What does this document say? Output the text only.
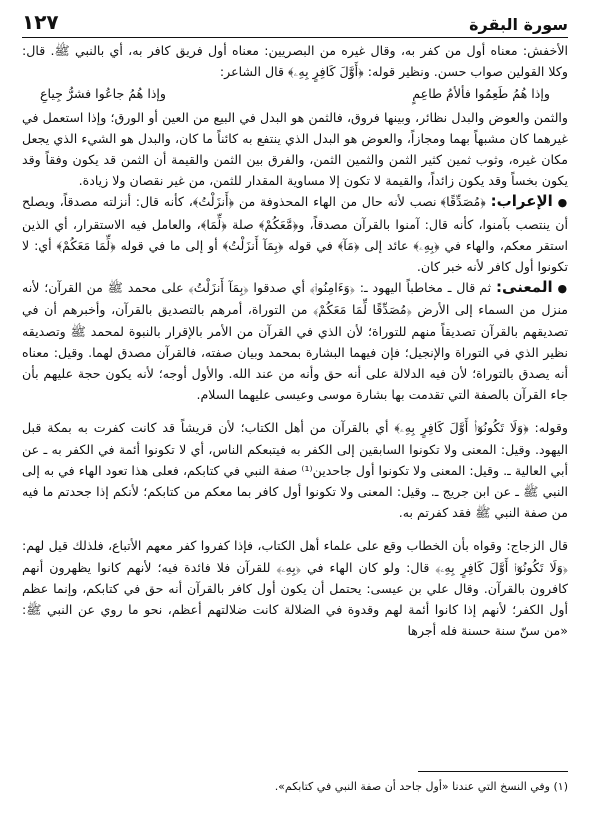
سورة البقرة
١٢٧

الأخفش: معناه أول من كفر به، وقال غيره من البصريين: معناه أول فريق كافر به، أي بالنبي ﷺ. قال: وكلا القولين صواب حسن. ونظير قوله: ﴿أَوَّلَ كَافِرٍ بِهِۦ﴾ قال الشاعر:

وإذا هُمُ طَعِمُوا فألأمُ طاعِمٍ
وإذا هُمُ جاعُوا فشرُّ جِياعِ

والثمن والعوض والبدل نظائر، وبينها فروق، فالثمن هو البدل في البيع من العين أو الورق؛ وإذا استعمل في غيرهما كان مشبهاً بهما ومجازاً، والعوض هو البدل الذي ينتفع به كائناً ما كان، والبدل هو الشيء الذي يجعل مكان غيره، وثوب ثمين كثير الثمن والثمين الثمن، والفرق بين الثمن والقيمة أن الثمن قد يكون وفقاً وقد يكون بخساً وقد يكون زائداً، والقيمة لا تكون إلا مساوية المقدار للثمن، من غير نقصان ولا زيادة.

● الإعراب: ﴿مُصَدِّقًا﴾ نصب لأنه حال من الهاء المحذوفة من ﴿أَنزَلْتُ﴾، كأنه قال: أنزلته مصدقاً، ويصلح أن ينتصب بآمنوا، كأنه قال: آمنوا بالقرآن مصدقاً، و﴿مَّعَكُمْ﴾ صلة ﴿لِّمَا﴾، والعامل فيه الاستقرار، أي الذين استقر معكم، والهاء في ﴿بِهِۦ﴾ عائد إلى ﴿مَآ﴾ في قوله ﴿بِمَآ أَنزَلْتُ﴾ أو إلى ما في قوله ﴿لِّمَا مَعَكُمْ﴾ أي: لا تكونوا أول كافر لأنه خبر كان.

● المعنى: ثم قال ـ مخاطباً اليهود ـ: ﴿وَءَامِنُوا۟﴾ أي صدقوا ﴿بِمَآ أَنزَلْتُ﴾ على محمد ﷺ من القرآن؛ لأنه منزل من السماء إلى الأرض ﴿مُصَدِّقًا لِّمَا مَعَكُمْ﴾ من التوراة، أمرهم بالتصديق بالقرآن، وأخبرهم أن في تصديقهم بالقرآن تصديقاً منهم للتوراة؛ لأن الذي في القرآن من الأمر بالإقرار بالنبوة لمحمد ﷺ وتصديقه نظير الذي في التوراة والإنجيل؛ فإن فيهما البشارة بمحمد وبيان صفته، فالقرآن مصدق لهما. وقيل: معناه أنه يصدق بالتوراة؛ لأن فيه الدلالة على أنه حق وأنه من عند الله. والأول أوجه؛ لأنه يكون حجة عليهم بأن جاء القرآن بالصفة التي تقدمت بها بشارة موسى وعيسى عليهما السلام.

وقوله: ﴿وَلَا تَكُونُوٓا۟ أَوَّلَ كَافِرٍ بِهِۦ﴾ أي بالقرآن من أهل الكتاب؛ لأن قريشاً قد كانت كفرت به بمكة قبل اليهود. وقيل: المعنى ولا تكونوا السابقين إلى الكفر به فيتبعكم الناس، أي لا تكونوا أئمة في الكفر به ـ عن أبي العالية ـ. وقيل: المعنى ولا تكونوا أول جاحدين⁽¹⁾ صفة النبي في كتابكم، فعلى هذا تعود الهاء في به إلى النبي ﷺ ـ عن ابن جريج ـ. وقيل: المعنى ولا تكونوا أول كافر بما معكم من كتابكم؛ لأنكم إذا جحدتم ما فيه من صفة النبي ﷺ فقد كفرتم به.

قال الزجاج: وقواه بأن الخطاب وقع على علماء أهل الكتاب، فإذا كفروا كفر معهم الأتباع، فلذلك قيل لهم: ﴿وَلَا تَكُونُوٓا۟ أَوَّلَ كَافِرٍ بِهِۦ﴾ قال: ولو كان الهاء في ﴿بِهِۦ﴾ للقرآن فلا فائدة فيه؛ لأنهم كانوا يظهرون أنهم كافرون بالقرآن. وقال علي بن عيسى: يحتمل أن يكون أول كافر بالقرآن أنه حق في كتابكم، وإنما عظم أول الكفر؛ لأنهم إذا كانوا أئمة لهم وقدوة في الضلالة كانت ضلالتهم أعظم، نحو ما روي عن النبي ﷺ: «من سنّ سنة حسنة فله أجرها

(١) وفي النسخ التي عندنا «أول جاحد أن صفة النبي في كتابكم».
